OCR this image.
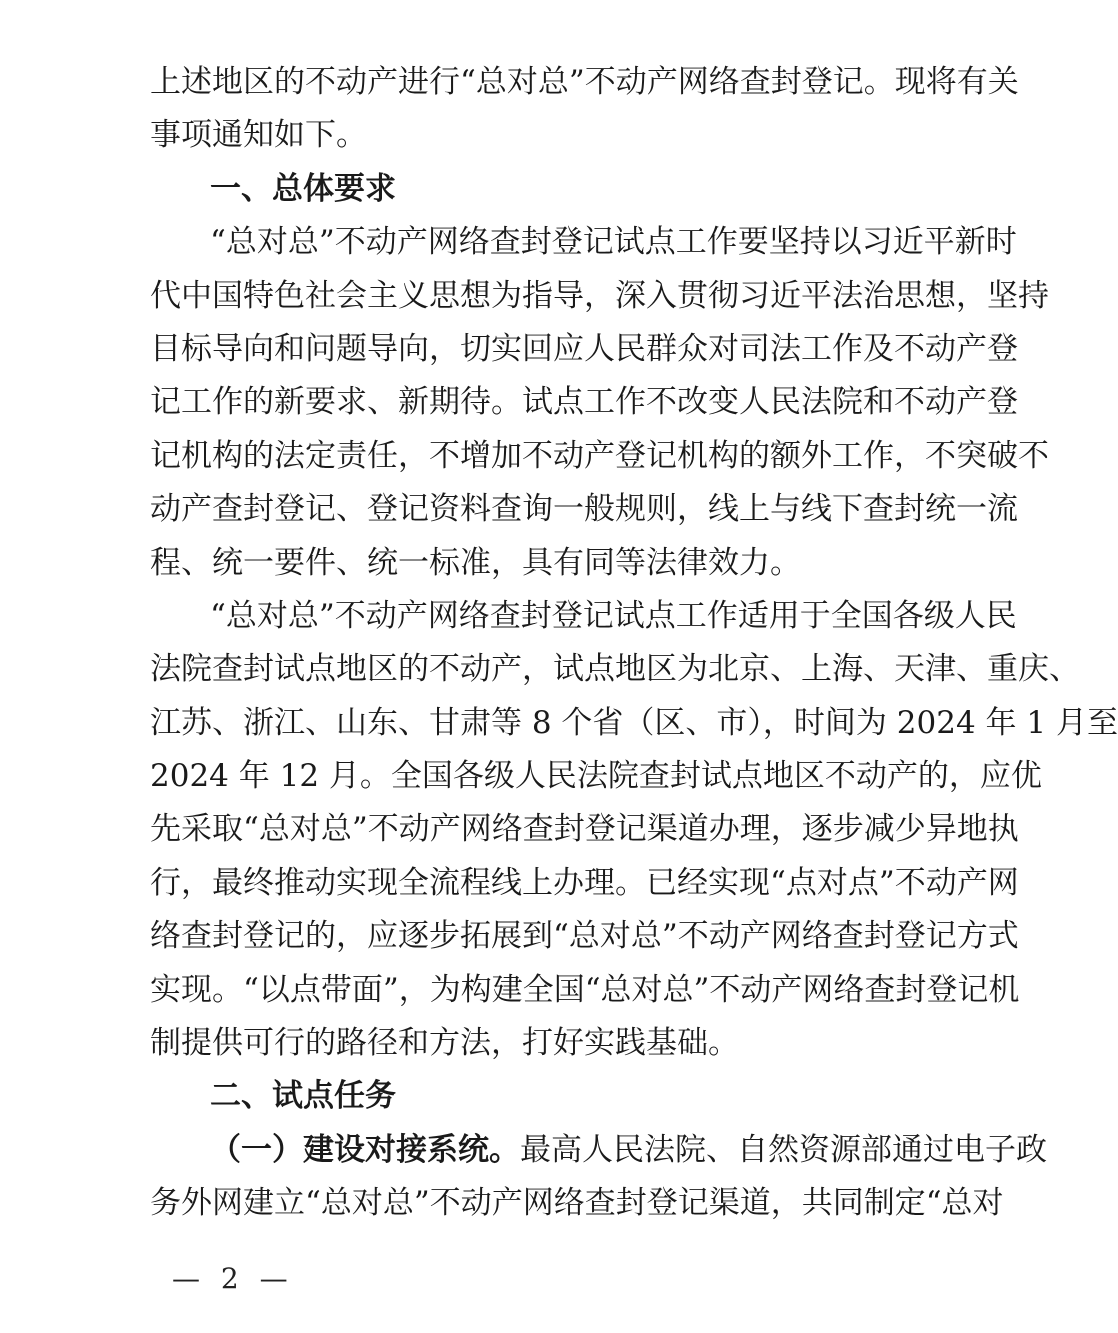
上述地区的不动产进行“总对总”不动产网络查封登记。现将有关
事项通知如下。
一、总体要求
“总对总”不动产网络查封登记试点工作要坚持以习近平新时
代中国特色社会主义思想为指导，深入贯彻习近平法治思想，坚持
目标导向和问题导向，切实回应人民群众对司法工作及不动产登
记工作的新要求、新期待。试点工作不改变人民法院和不动产登
记机构的法定责任，不增加不动产登记机构的额外工作，不突破不
动产查封登记、登记资料查询一般规则，线上与线下查封统一流
程、统一要件、统一标准，具有同等法律效力。
“总对总”不动产网络查封登记试点工作适用于全国各级人民
法院查封试点地区的不动产，试点地区为北京、上海、天津、重庆、
江苏、浙江、山东、甘肃等 8 个省（区、市），时间为 2024 年 1 月至
2024 年 12 月。全国各级人民法院查封试点地区不动产的，应优
先采取“总对总”不动产网络查封登记渠道办理，逐步减少异地执
行，最终推动实现全流程线上办理。已经实现“点对点”不动产网
络查封登记的，应逐步拓展到“总对总”不动产网络查封登记方式
实现。“以点带面”，为构建全国“总对总”不动产网络查封登记机
制提供可行的路径和方法，打好实践基础。
二、试点任务
（一）建设对接系统。最高人民法院、自然资源部通过电子政
务外网建立“总对总”不动产网络查封登记渠道，共同制定“总对
— 2 —
